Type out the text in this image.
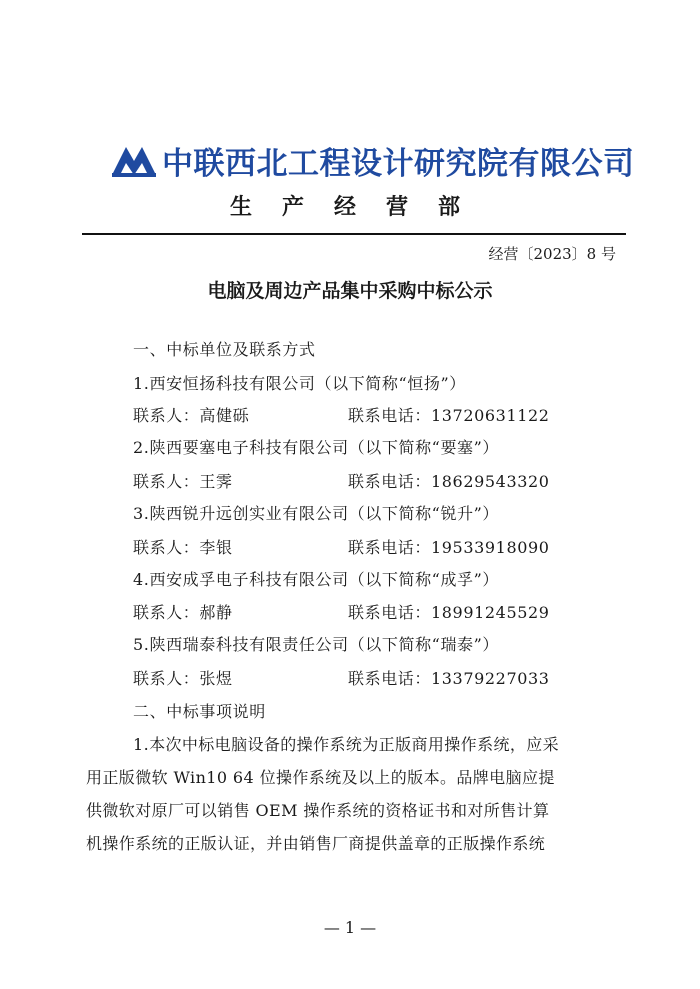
中联西北工程设计研究院有限公司
生产经营部
经营〔2023〕8 号
电脑及周边产品集中采购中标公示
一、中标单位及联系方式
1.西安恒扬科技有限公司（以下简称“恒扬”）
联系人：高健砾	联系电话：13720631122
2.陕西要塞电子科技有限公司（以下简称“要塞”）
联系人：王霁	联系电话：18629543320
3.陕西锐升远创实业有限公司（以下简称“锐升”）
联系人：李银	联系电话：19533918090
4.西安成孚电子科技有限公司（以下简称“成孚”）
联系人：郝静	联系电话：18991245529
5.陕西瑞泰科技有限责任公司（以下简称“瑞泰”）
联系人：张煜	联系电话：13379227033
二、中标事项说明
1.本次中标电脑设备的操作系统为正版商用操作系统，应采
用正版微软 Win10 64 位操作系统及以上的版本。品牌电脑应提
供微软对原厂可以销售 OEM 操作系统的资格证书和对所售计算
机操作系统的正版认证，并由销售厂商提供盖章的正版操作系统
— 1 —
